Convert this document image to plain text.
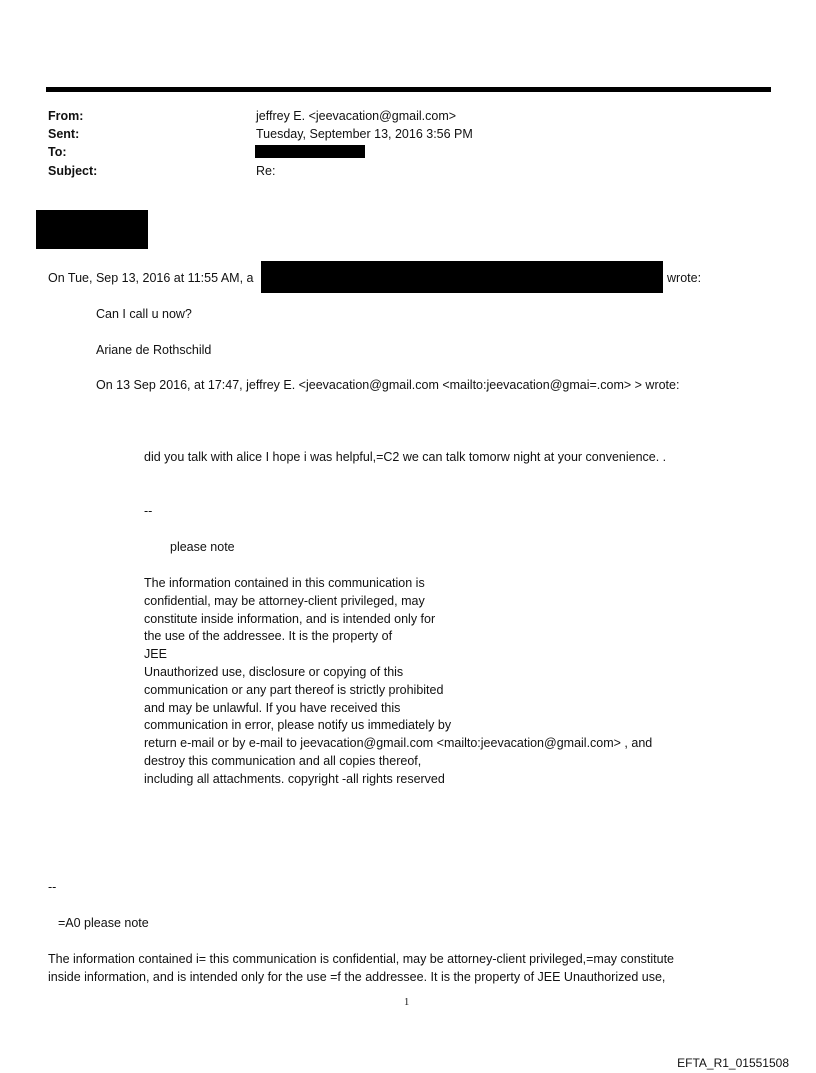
From:	jeffrey E. <jeevacation@gmail.com>
Sent:	Tuesday, September 13, 2016 3:56 PM
To:
Subject:	Re:
On Tue, Sep 13, 2016 at 11:55 AM, a	wrote:
Can I call u now?
Ariane de Rothschild
On 13 Sep 2016, at 17:47, jeffrey E. <jeevacation@gmail.com <mailto:jeevacation@gmai=.com> > wrote:
did you talk with alice I hope i was helpful,=C2 we can talk tomorw night at your convenience. .
--
please note

The information contained in this communication is

confidential, may be attorney-client privileged, may

constitute inside information, and is intended only for

the use of the addressee. It is the property of

JEE

Unauthorized use, disclosure or copying of this

communication or any part thereof is strictly prohibited

and may be unlawful. If you have received this

communication in error, please notify us immediately by

return e-mail or by e-mail to jeevacation@gmail.com <mailto:jeevacation@gmail.com> , and

destroy this communication and all copies thereof,

including all attachments. copyright -all rights reserved

--
=A0 please note
The information contained i= this communication is confidential, may be attorney-client privileged,=may constitute
inside information, and is intended only for the use =f the addressee. It is the property of JEE Unauthorized use,
1
EFTA_R1_01551508
